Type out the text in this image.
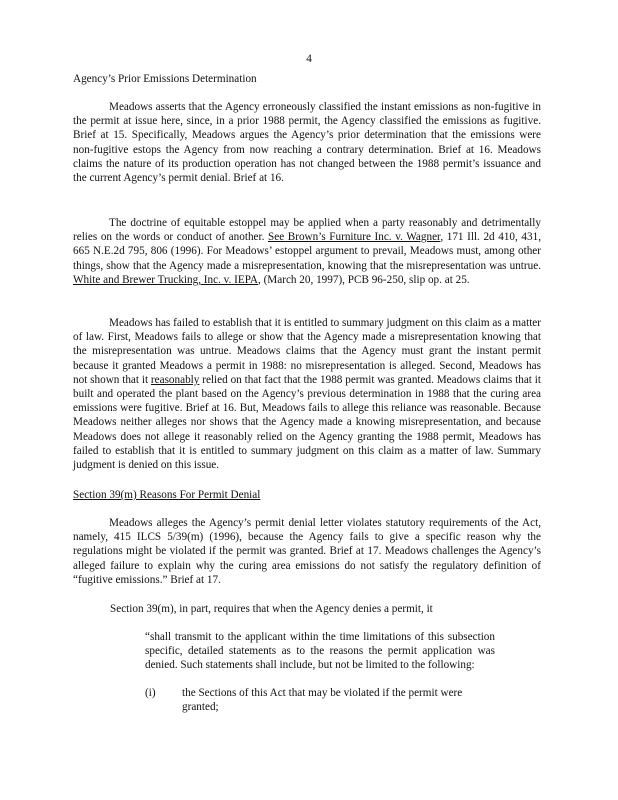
4
Agency’s Prior Emissions Determination

Meadows asserts that the Agency erroneously classified the instant emissions as non-fugitive in the permit at issue here, since, in a prior 1988 permit, the Agency classified the emissions as fugitive. Brief at 15. Specifically, Meadows argues the Agency’s prior determination that the emissions were non-fugitive estops the Agency from now reaching a contrary determination. Brief at 16. Meadows claims the nature of its production operation has not changed between the 1988 permit’s issuance and the current Agency’s permit denial. Brief at 16.

The doctrine of equitable estoppel may be applied when a party reasonably and detrimentally relies on the words or conduct of another. See Brown’s Furniture Inc. v. Wagner, 171 Ill. 2d 410, 431, 665 N.E.2d 795, 806 (1996). For Meadows’ estoppel argument to prevail, Meadows must, among other things, show that the Agency made a misrepresentation, knowing that the misrepresentation was untrue. White and Brewer Trucking, Inc. v. IEPA, (March 20, 1997), PCB 96-250, slip op. at 25.

Meadows has failed to establish that it is entitled to summary judgment on this claim as a matter of law. First, Meadows fails to allege or show that the Agency made a misrepresentation knowing that the misrepresentation was untrue. Meadows claims that the Agency must grant the instant permit because it granted Meadows a permit in 1988: no misrepresentation is alleged. Second, Meadows has not shown that it reasonably relied on that fact that the 1988 permit was granted. Meadows claims that it built and operated the plant based on the Agency’s previous determination in 1988 that the curing area emissions were fugitive. Brief at 16. But, Meadows fails to allege this reliance was reasonable. Because Meadows neither alleges nor shows that the Agency made a knowing misrepresentation, and because Meadows does not allege it reasonably relied on the Agency granting the 1988 permit, Meadows has failed to establish that it is entitled to summary judgment on this claim as a matter of law. Summary judgment is denied on this issue.

Section 39(m) Reasons For Permit Denial

Meadows alleges the Agency’s permit denial letter violates statutory requirements of the Act, namely, 415 ILCS 5/39(m) (1996), because the Agency fails to give a specific reason why the regulations might be violated if the permit was granted. Brief at 17. Meadows challenges the Agency’s alleged failure to explain why the curing area emissions do not satisfy the regulatory definition of “fugitive emissions.” Brief at 17.

Section 39(m), in part, requires that when the Agency denies a permit, it

“shall transmit to the applicant within the time limitations of this subsection specific, detailed statements as to the reasons the permit application was denied. Such statements shall include, but not be limited to the following:

(i) the Sections of this Act that may be violated if the permit were granted;
